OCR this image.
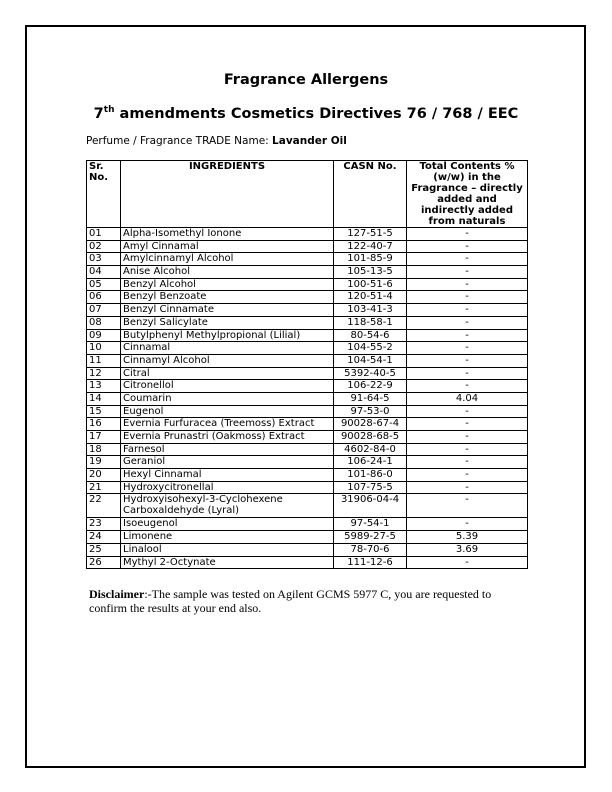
Fragrance Allergens
7th amendments Cosmetics Directives 76 / 768 / EEC
Perfume / Fragrance TRADE Name: Lavander Oil
Sr. No.	INGREDIENTS	CASN No.	Total Contents % (w/w) in the Fragrance – directly added and indirectly added from naturals
01	Alpha-Isomethyl Ionone	127-51-5	-
02	Amyl Cinnamal	122-40-7	-
03	Amylcinnamyl Alcohol	101-85-9	-
04	Anise Alcohol	105-13-5	-
05	Benzyl Alcohol	100-51-6	-
06	Benzyl Benzoate	120-51-4	-
07	Benzyl Cinnamate	103-41-3	-
08	Benzyl Salicylate	118-58-1	-
09	Butylphenyl Methylpropional (Lilial)	80-54-6	-
10	Cinnamal	104-55-2	-
11	Cinnamyl Alcohol	104-54-1	-
12	Citral	5392-40-5	-
13	Citronellol	106-22-9	-
14	Coumarin	91-64-5	4.04
15	Eugenol	97-53-0	-
16	Evernia Furfuracea (Treemoss) Extract	90028-67-4	-
17	Evernia Prunastri (Oakmoss) Extract	90028-68-5	-
18	Farnesol	4602-84-0	-
19	Geraniol	106-24-1	-
20	Hexyl Cinnamal	101-86-0	-
21	Hydroxycitronellal	107-75-5	-
22	Hydroxyisohexyl-3-Cyclohexene Carboxaldehyde (Lyral)	31906-04-4	-
23	Isoeugenol	97-54-1	-
24	Limonene	5989-27-5	5.39
25	Linalool	78-70-6	3.69
26	Mythyl 2-Octynate	111-12-6	-
Disclaimer:-The sample was tested on Agilent GCMS 5977 C, you are requested to confirm the results at your end also.
